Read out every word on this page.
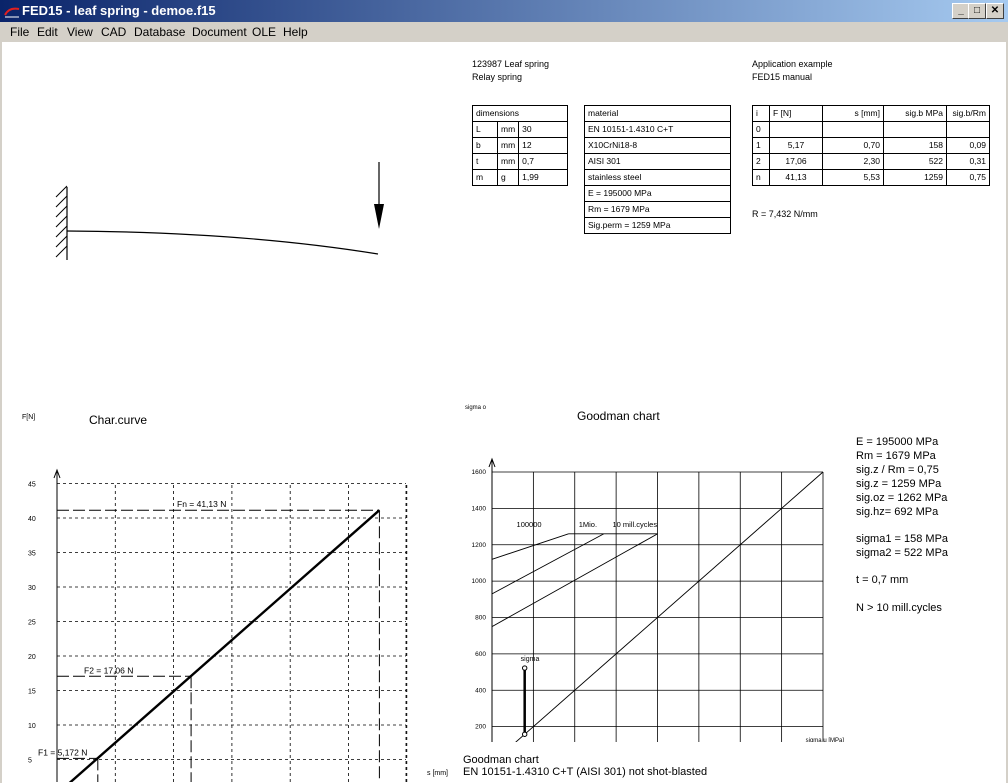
FED15 - leaf spring - demoe.f15	_	□	✕
File Edit View CAD Database Document OLE Help
123987 Leaf spring
Relay spring
Application example
FED15 manual
dimensions		
L	mm	30
b	mm	12
t	mm	0,7
m	g	1,99
material
EN 10151-1.4310 C+T
X10CrNi18-8
AISI 301
stainless steel
E = 195000 MPa
Rm = 1679 MPa
Sig.perm = 1259 MPa
i	F [N]	s [mm]	sig.b MPa	sig.b/Rm
0				
1	5,17	0,70	158	0,09
2	17,06	2,30	522	0,31
n	41,13	5,53	1259	0,75
R = 7,432 N/mm
Char.curve
F[N]
s [mm]
5
10
15
20
25
30
35
40
45
F1 = 5,172 N
F2 = 17,06 N
Fn = 41,13 N
Goodman chart
sigma o
sigma u [MPa]
200
400
600
800
1000
1200
1400
1600
100000	1Mio. 10 mill.cycles
sigma
Goodman chart
EN 10151-1.4310 C+T (AISI 301) not shot-blasted
E = 195000 MPa
Rm = 1679 MPa
sig.z / Rm = 0,75
sig.z = 1259 MPa
sig.oz = 1262 MPa
sig.hz= 692 MPa
sigma1 = 158 MPa
sigma2 = 522 MPa
t = 0,7 mm
N > 10 mill.cycles
